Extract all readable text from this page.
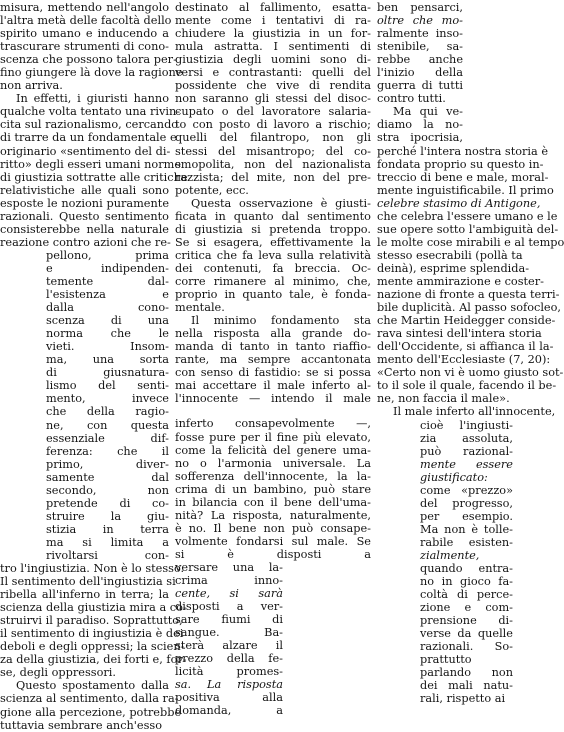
misura, mettendo nell'angolo
l'altra metà delle facoltà dello
spirito umano e inducendo a
trascurare strumenti di cono-
scenza che possono talora per-
fino giungere là dove la ragione
non arriva.
In effetti, i giuristi hanno
qualche volta tentato una rivin-
cita sul razionalismo, cercando
di trarre da un fondamentale e
originario «sentimento del di-
ritto» degli esseri umani norme
di giustizia sottratte alle critiche
relativistiche alle quali sono
esposte le nozioni puramente
razionali. Questo sentimento
consisterebbe nella naturale
reazione contro azioni che re-
pellono, prima
e indipenden-
temente dal-
l'esistenza e
dalla cono-
scenza di una
norma che le
vieti. Insom-
ma, una sorta
di giusnatura-
lismo del senti-
mento, invece
che della ragio-
ne, con questa
essenziale dif-
ferenza: che il
primo, diver-
samente dal
secondo, non
pretende di co-
struire la giu-
stizia in terra
ma si limita a
rivoltarsi con-
tro l'ingiustizia. Non è lo stesso.
Il sentimento dell'ingiustizia si
ribella all'inferno in terra; la
scienza della giustizia mira a co-
struirvi il paradiso. Soprattutto,
il sentimento di ingiustizia è dei
deboli e degli oppressi; la scien-
za della giustizia, dei forti e, for-
se, degli oppressori.
Questo spostamento dalla
scienza al sentimento, dalla ra-
gione alla percezione, potrebbe
tuttavia sembrare anch'esso
destinato al fallimento, esatta-
mente come i tentativi di ra-
chiudere la giustizia in un for-
mula astratta. I sentimenti di
giustizia degli uomini sono di-
versi e contrastanti: quelli del
possidente che vive di rendita
non saranno gli stessi del disoc-
cupato o del lavoratore salaria-
to con posto di lavoro a rischio;
quelli del filantropo, non gli
stessi del misantropo; del co-
smopolita, non del nazionalista
razzista; del mite, non del pre-
potente, ecc.
Questa osservazione è giusti-
ficata in quanto dal sentimento
di giustizia si pretenda troppo.
Se si esagera, effettivamente la
critica che fa leva sulla relatività
dei contenuti, fa breccia. Oc-
corre rimanere al minimo, che,
proprio in quanto tale, è fonda-
mentale.
Il minimo fondamento sta
nella risposta alla grande do-
manda di tanto in tanto riaffio-
rante, ma sempre accantonata
con senso di fastidio: se si possa
mai accettare il male inferto al-
l'innocente — intendo il male
inferto consapevolmente —,
fosse pure per il fine più elevato,
come la felicità del genere uma-
no o l'armonia universale. La
sofferenza dell'innocente, la la-
crima di un bambino, può stare
in bilancia con il bene dell'uma-
nità? La risposta, naturalmente,
è no. Il bene non può consape-
volmente fondarsi sul male. Se
si è disposti a
versare una la-
crima inno-
cente, si sarà
disposti a ver-
sare fiumi di
sangue. Ba-
sterà alzare il
prezzo della fe-
licità promes-
sa. La risposta
positiva alla
domanda, a
ben pensarci,
oltre che mo-
ralmente inso-
stenibile, sa-
rebbe anche
l'inizio della
guerra di tutti
contro tutti.
Ma qui ve-
diamo la no-
stra ipocrisia,
perché l'intera nostra storia è
fondata proprio su questo in-
treccio di bene e male, moral-
mente inguistificabile. Il primo
celebre stasimo di Antigone,
che celebra l'essere umano e le
sue opere sotto l'ambiguità del-
le molte cose mirabili e al tempo
stesso esecrabili (pollà ta
deinà), esprime splendida-
mente ammirazione e coster-
nazione di fronte a questa terri-
bile duplicità. Al passo sofocleo,
che Martin Heidegger conside-
rava sintesi dell'intera storia
dell'Occidente, si affianca il la-
mento dell'Ecclesiaste (7, 20):
«Certo non vi è uomo giusto sot-
to il sole il quale, facendo il be-
ne, non faccia il male».
Il male inferto all'innocente,
cioè l'ingiusti-
zia assoluta,
può razional-
mente essere
giustificato:
come «prezzo»
del progresso,
per esempio.
Ma non è tolle-
rabile esisten-
zialmente,
quando entra-
no in gioco fa-
coltà di perce-
zione e com-
prensione di-
verse da quelle
razionali. So-
prattutto
parlando non
dei mali natu-
rali, rispetto ai
